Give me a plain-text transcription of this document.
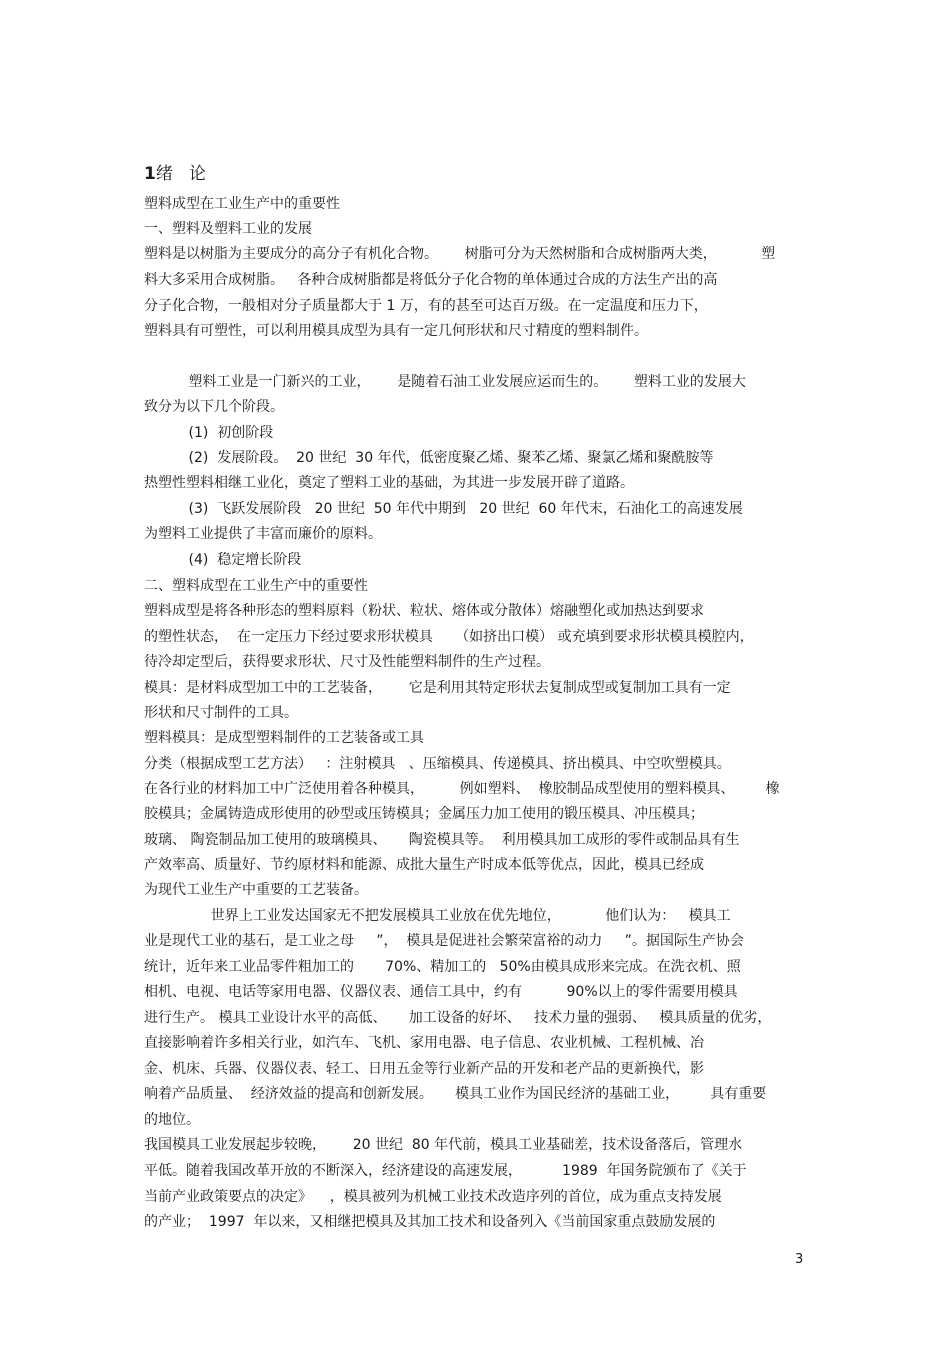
1绪   论
塑料成型在工业生产中的重要性
一、塑料及塑料工业的发展
塑料是以树脂为主要成分的高分子有机化合物。      树脂可分为天然树脂和合成树脂两大类，          塑
料大多采用合成树脂。   各种合成树脂都是将低分子化合物的单体通过合成的方法生产出的高
分子化合物，一般相对分子质量都大于 1 万，有的甚至可达百万级。在一定温度和压力下，
塑料具有可塑性，可以利用模具成型为具有一定几何形状和尺寸精度的塑料制件。
塑料工业是一门新兴的工业，      是随着石油工业发展应运而生的。      塑料工业的发展大
致分为以下几个阶段。
(1)  初创阶段
(2)  发展阶段。  20 世纪  30 年代，低密度聚乙烯、聚苯乙烯、聚氯乙烯和聚酰胺等
热塑性塑料相继工业化，奠定了塑料工业的基础，为其进一步发展开辟了道路。
(3)  飞跃发展阶段   20 世纪  50 年代中期到   20 世纪  60 年代末，石油化工的高速发展
为塑料工业提供了丰富而廉价的原料。
(4)  稳定增长阶段
二、塑料成型在工业生产中的重要性
塑料成型是将各种形态的塑料原料（粉状、粒状、熔体或分散体）熔融塑化或加热达到要求
的塑性状态，  在一定压力下经过要求形状模具     （如挤出口模） 或充填到要求形状模具模腔内，
待冷却定型后，获得要求形状、尺寸及性能塑料制件的生产过程。
模具：是材料成型加工中的工艺装备，      它是利用其特定形状去复制成型或复制加工具有一定
形状和尺寸制件的工具。
塑料模具：是成型塑料制件的工艺装备或工具
分类（根据成型工艺方法）   ：注射模具   、压缩模具、传递模具、挤出模具、中空吹塑模具。
在各行业的材料加工中广泛使用着各种模具，        例如塑料、  橡胶制品成型使用的塑料模具、       橡
胶模具；金属铸造成形使用的砂型或压铸模具；金属压力加工使用的锻压模具、冲压模具；
玻璃、 陶瓷制品加工使用的玻璃模具、     陶瓷模具等。  利用模具加工成形的零件或制品具有生
产效率高、质量好、节约原材料和能源、成批大量生产时成本低等优点，因此，模具已经成
为现代工业生产中重要的工艺装备。
世界上工业发达国家无不把发展模具工业放在优先地位，          他们认为：   模具工
业是现代工业的基石，是工业之母     ”，  模具是促进社会繁荣富裕的动力     ”。据国际生产协会
统计，近年来工业品零件粗加工的       70%、精加工的   50%由模具成形来完成。在洗衣机、照
相机、电视、电话等家用电器、仪器仪表、通信工具中，约有          90%以上的零件需要用模具
进行生产。 模具工业设计水平的高低、     加工设备的好坏、   技术力量的强弱、   模具质量的优劣，
直接影响着许多相关行业，如汽车、飞机、家用电器、电子信息、农业机械、工程机械、冶
金、机床、兵器、仪器仪表、轻工、日用五金等行业新产品的开发和老产品的更新换代，影
响着产品质量、  经济效益的提高和创新发展。     模具工业作为国民经济的基础工业，       具有重要
的地位。
我国模具工业发展起步较晚，      20 世纪  80 年代前，模具工业基础差，技术设备落后，管理水
平低。随着我国改革开放的不断深入，经济建设的高速发展，         1989  年国务院颁布了《关于
当前产业政策要点的决定》    ，模具被列为机械工业技术改造序列的首位，成为重点支持发展
的产业；  1997  年以来，又相继把模具及其加工技术和设备列入《当前国家重点鼓励发展的
3
